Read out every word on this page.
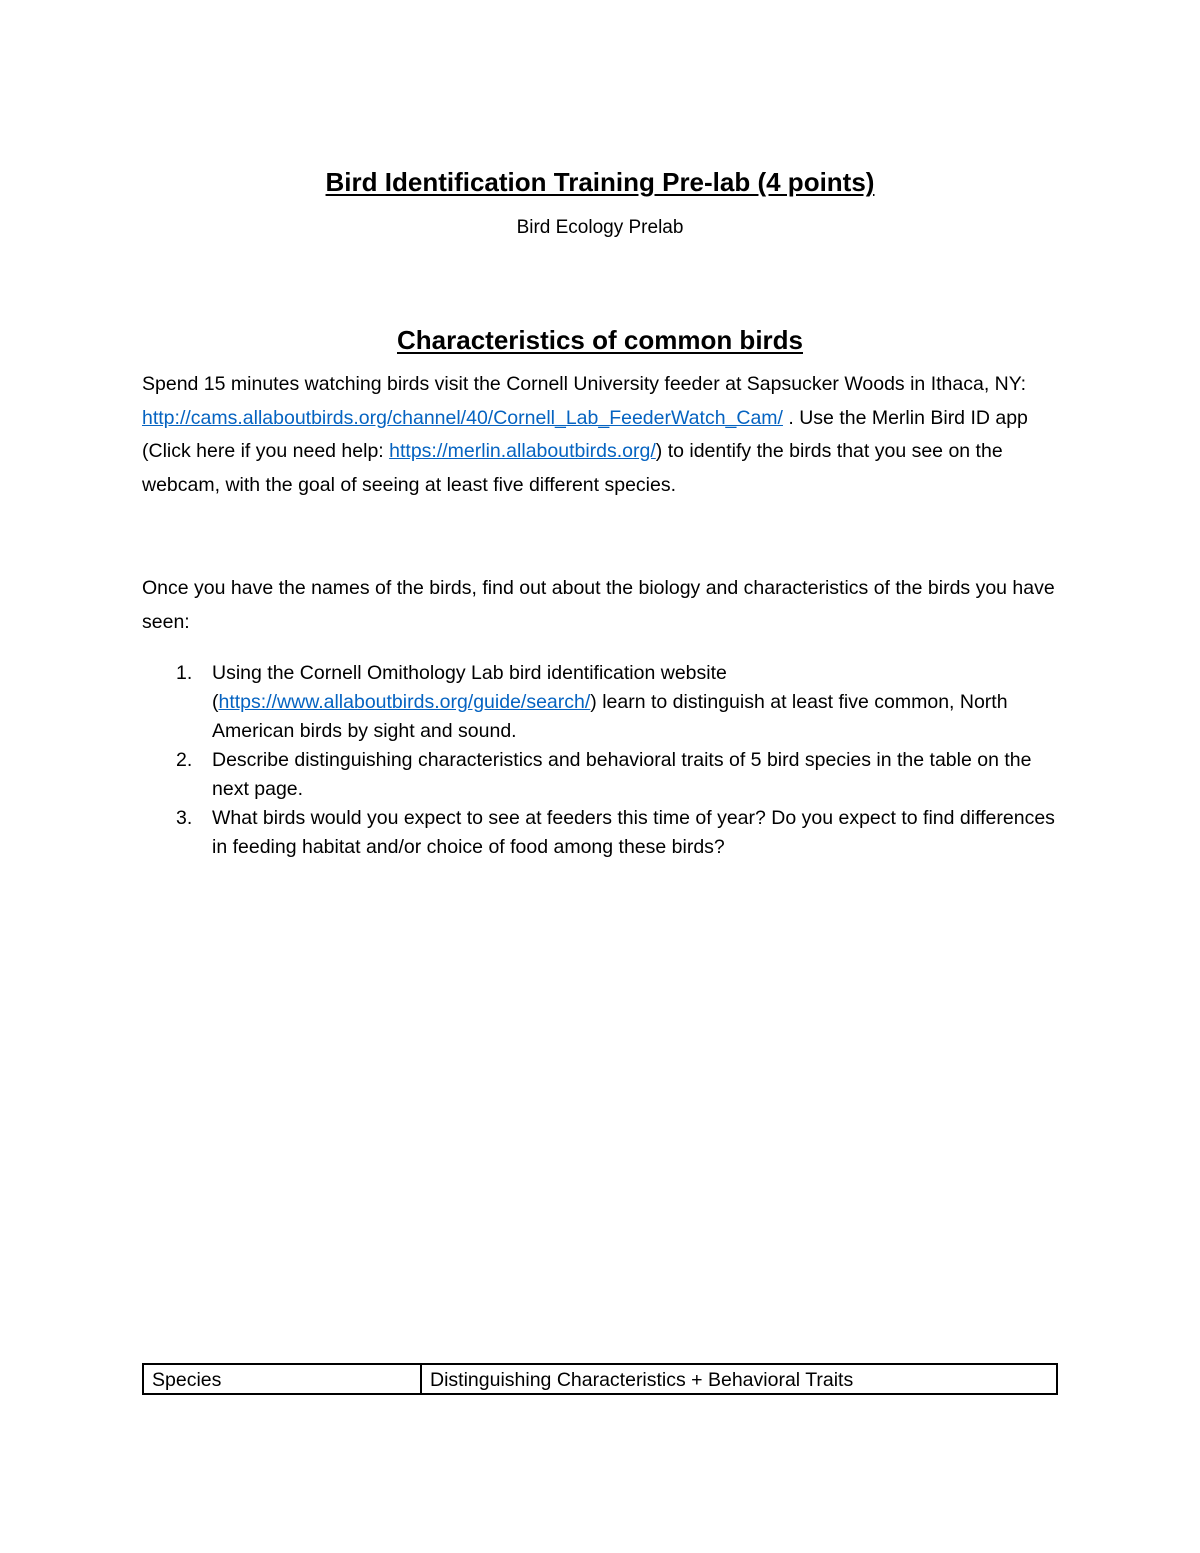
Bird Identification Training Pre-lab (4 points)

Bird Ecology Prelab

Characteristics of common birds

Spend 15 minutes watching birds visit the Cornell University feeder at Sapsucker Woods in Ithaca, NY: http://cams.allaboutbirds.org/channel/40/Cornell_Lab_FeederWatch_Cam/ . Use the Merlin Bird ID app (Click here if you need help: https://merlin.allaboutbirds.org/) to identify the birds that you see on the webcam, with the goal of seeing at least five different species.

Once you have the names of the birds, find out about the biology and characteristics of the birds you have seen:

1. Using the Cornell Omithology Lab bird identification website (https://www.allaboutbirds.org/guide/search/) learn to distinguish at least five common, North American birds by sight and sound.
2. Describe distinguishing characteristics and behavioral traits of 5 bird species in the table on the next page.
3. What birds would you expect to see at feeders this time of year? Do you expect to find differences in feeding habitat and/or choice of food among these birds?
Species	Distinguishing Characteristics + Behavioral Traits
